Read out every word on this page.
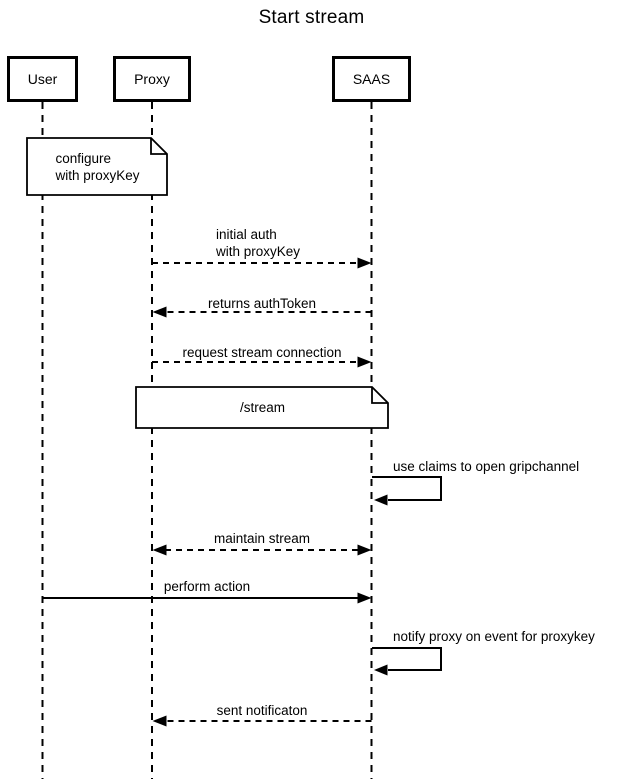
Start stream
User	Proxy	SAAS
configure
with proxyKey
/stream
initial auth
with proxyKey
returns authToken
request stream connection
use claims to open gripchannel
maintain stream
perform action
notify proxy on event for proxykey
sent notificaton
